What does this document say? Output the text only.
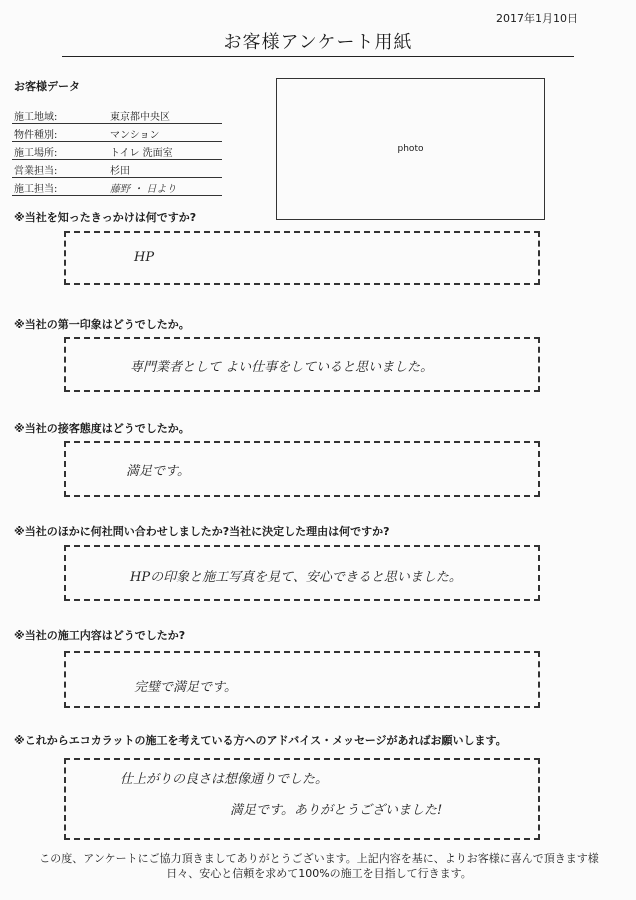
2017年1月10日
お客様アンケート用紙
お客様データ
施工地域:	東京都中央区
物件種別:	マンション
施工場所:	トイレ 洗面室
営業担当:	杉田
施工担当:	藤野 ・ 日より
photo
※当社を知ったきっかけは何ですか?
HP
※当社の第一印象はどうでしたか。
専門業者として よい仕事をしていると思いました。
※当社の接客態度はどうでしたか。
満足です。
※当社のほかに何社問い合わせしましたか?当社に決定した理由は何ですか?
HPの印象と施工写真を見て、安心できると思いました。
※当社の施工内容はどうでしたか?
完璧で満足です。
※これからエコカラットの施工を考えている方へのアドバイス・メッセージがあればお願いします。
仕上がりの良さは想像通りでした。
満足です。ありがとうございました!
この度、アンケートにご協力頂きましてありがとうございます。上記内容を基に、よりお客様に喜んで頂きます様
日々、安心と信頼を求めて100%の施工を目指して行きます。
